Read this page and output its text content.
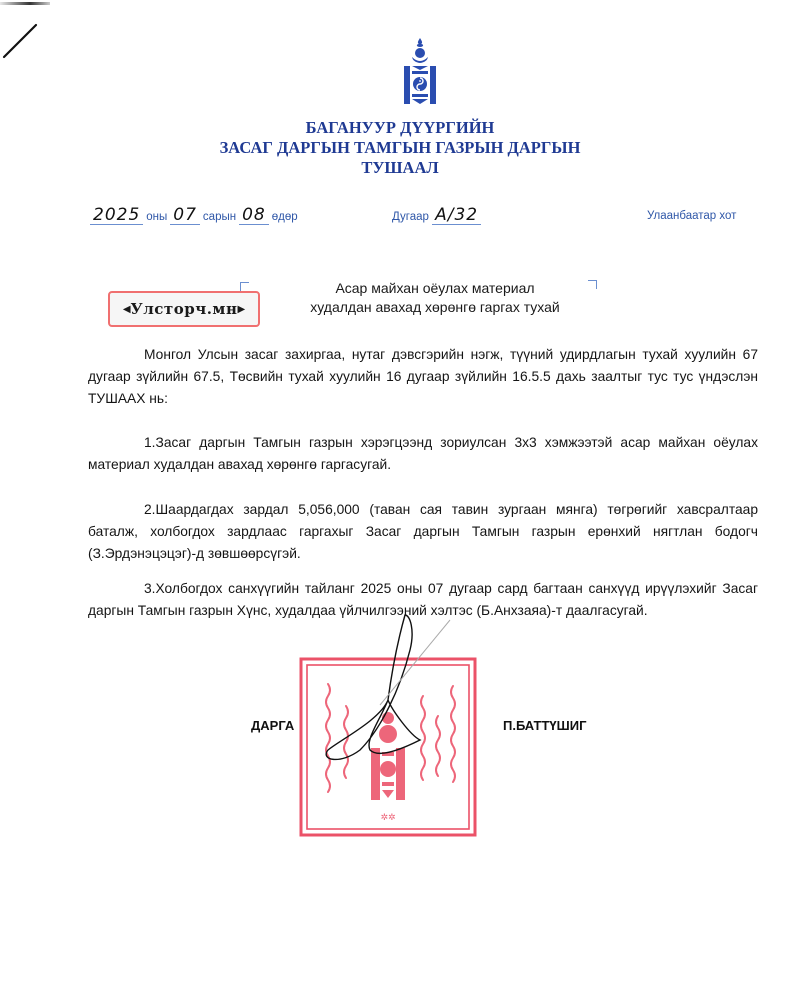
БАГАНУУР ДҮҮРГИЙН
ЗАСАГ ДАРГЫН ТАМГЫН ГАЗРЫН ДАРГЫН
ТУШААЛ
2025 оны 07 сарын 08 өдөр	Дугаар А/32	Улаанбаатар хот
◀ Улсторч.мн ▶
Асар майхан оёулах материал
худалдан авахад хөрөнгө гаргах тухай

Монгол Улсын засаг захиргаа, нутаг дэвсгэрийн нэгж, түүний удирдлагын тухай хуулийн 67 дугаар зүйлийн 67.5, Төсвийн тухай хуулийн 16 дугаар зүйлийн 16.5.5 дахь заалтыг тус тус үндэслэн ТУШААХ нь:

1.Засаг даргын Тамгын газрын хэрэгцээнд зориулсан 3х3 хэмжээтэй асар майхан оёулах материал худалдан авахад хөрөнгө гаргасугай.

2.Шаардагдах зардал 5,056,000 (таван сая тавин зургаан мянга) төгрөгийг хавсралтаар баталж, холбогдох зардлаас гаргахыг Засаг даргын Тамгын газрын ерөнхий нягтлан бодогч (З.Эрдэнэцэцэг)-д зөвшөөрсүгэй.

3.Холбогдох санхүүгийн тайланг 2025 оны 07 дугаар сард багтаан санхүүд ирүүлэхийг Засаг даргын Тамгын газрын Хүнс, худалдаа үйлчилгээний хэлтэс (Б.Анхзаяа)-т даалгасугай.

✲✲
ДАРГА	П.БАТТҮШИГ
